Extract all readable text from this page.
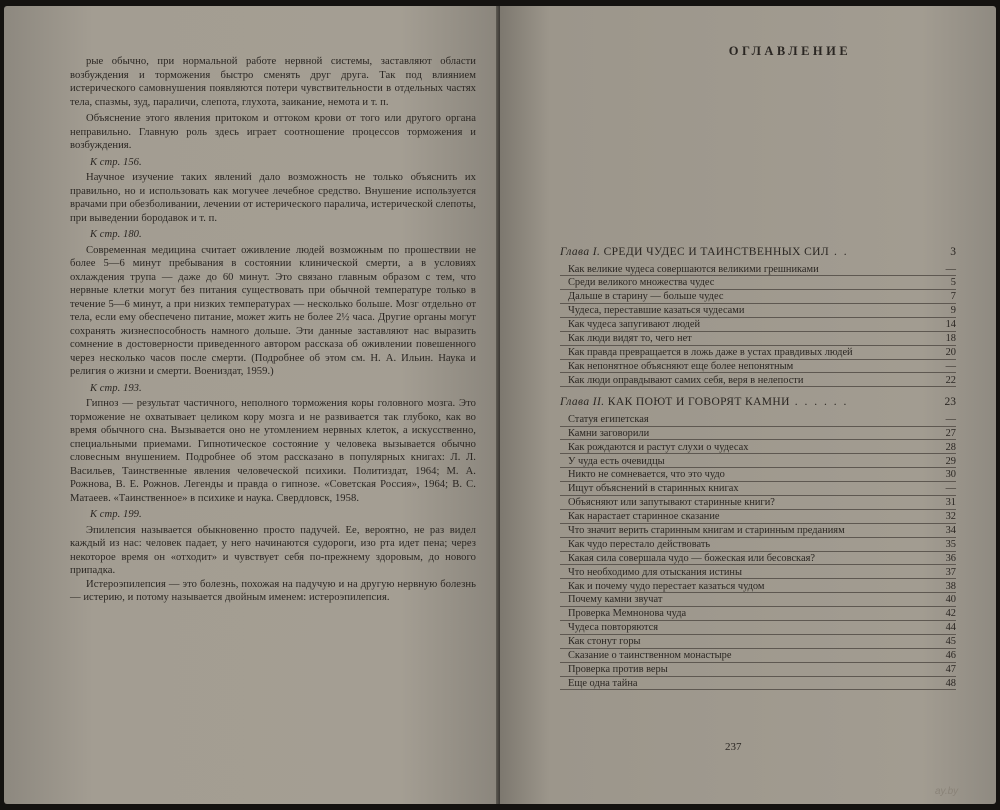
рые обычно, при нормальной работе нервной системы, заставляют области возбуждения и торможения быстро сменять друг друга. Так под влиянием истерического самовнушения появляются потери чувствительности в отдельных частях тела, спазмы, зуд, параличи, слепота, глухота, заикание, немота и т. п.

Объяснение этого явления притоком и оттоком крови от того или другого органа неправильно. Главную роль здесь играет соотношение процессов торможения и возбуждения.

К стр. 156.

Научное изучение таких явлений дало возможность не только объяснить их правильно, но и использовать как могучее лечебное средство. Внушение используется врачами при обезболивании, лечении от истерического паралича, истерической слепоты, при выведении бородавок и т. п.

К стр. 180.

Современная медицина считает оживление людей возможным по прошествии не более 5—6 минут пребывания в состоянии клинической смерти, а в условиях охлаждения трупа — даже до 60 минут. Это связано главным образом с тем, что нервные клетки могут без питания существовать при обычной температуре только в течение 5—6 минут, а при низких температурах — несколько больше. Мозг отдельно от тела, если ему обеспечено питание, может жить не более 2½ часа. Другие органы могут сохранять жизнеспособность намного дольше. Эти данные заставляют нас выразить сомнение в достоверности приведенного автором рассказа об оживлении повешенного через несколько часов после смерти. (Подробнее об этом см. Н. А. Ильин. Наука и религия о жизни и смерти. Воениздат, 1959.)

К стр. 193.

Гипноз — результат частичного, неполного торможения коры головного мозга. Это торможение не охватывает целиком кору мозга и не развивается так глубоко, как во время обычного сна. Вызывается оно не утомлением нервных клеток, а искусственно, специальными приемами. Гипнотическое состояние у человека вызывается обычно словесным внушением. Подробнее об этом рассказано в популярных книгах: Л. Л. Васильев, Таинственные явления человеческой психики. Политиздат, 1964; М. А. Рожнова, В. Е. Рожнов. Легенды и правда о гипнозе. «Советская Россия», 1964; В. С. Матаеев. «Таинственное» в психике и наука. Свердловск, 1958.

К стр. 199.

Эпилепсия называется обыкновенно просто падучей. Ее, вероятно, не раз видел каждый из нас: человек падает, у него начинаются судороги, изо рта идет пена; через некоторое время он «отходит» и чувствует себя по-прежнему здоровым, до нового припадка.

Истероэпилепсия — это болезнь, похожая на падучую и на другую нервную болезнь — истерию, и потому называется двойным именем: истероэпилепсия.

ОГЛАВЛЕНИЕ
Глава I. СРЕДИ ЧУДЕС И ТАИНСТВЕННЫХ СИЛ . .	3
Как великие чудеса совершаются великими грешниками	—
Среди великого множества чудес	5
Дальше в старину — больше чудес	7
Чудеса, переставшие казаться чудесами	9
Как чудеса запугивают людей	14
Как люди видят то, чего нет	18
Как правда превращается в ложь даже в устах правдивых людей	20
Как непонятное объясняют еще более непонятным	—
Как люди оправдывают самих себя, веря в нелепости	22
Глава II. КАК ПОЮТ И ГОВОРЯТ КАМНИ . . . . . .	23
Статуя египетская	—
Камни заговорили	27
Как рождаются и растут слухи о чудесах	28
У чуда есть очевидцы	29
Никто не сомневается, что это чудо	30
Ищут объяснений в старинных книгах	—
Объясняют или запутывают старинные книги?	31
Как нарастает старинное сказание	32
Что значит верить старинным книгам и старинным преданиям	34
Как чудо перестало действовать	35
Какая сила совершала чудо — божеская или бесовская?	36
Что необходимо для отыскания истины	37
Как и почему чудо перестает казаться чудом	38
Почему камни звучат	40
Проверка Мемнонова чуда	42
Чудеса повторяются	44
Как стонут горы	45
Сказание о таинственном монастыре	46
Проверка против веры	47
Еще одна тайна	48
237
ay.by
